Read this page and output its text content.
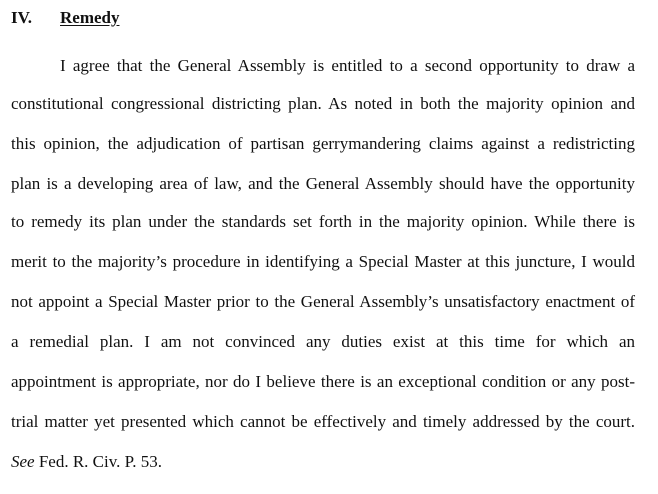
IV. Remedy
I agree that the General Assembly is entitled to a second opportunity to draw a
constitutional congressional districting plan. As noted in both the majority opinion and
this opinion, the adjudication of partisan gerrymandering claims against a redistricting
plan is a developing area of law, and the General Assembly should have the opportunity
to remedy its plan under the standards set forth in the majority opinion. While there is
merit to the majority’s procedure in identifying a Special Master at this juncture, I would
not appoint a Special Master prior to the General Assembly’s unsatisfactory enactment of
a remedial plan. I am not convinced any duties exist at this time for which an
appointment is appropriate, nor do I believe there is an exceptional condition or any post-
trial matter yet presented which cannot be effectively and timely addressed by the court.
See Fed. R. Civ. P. 53.
